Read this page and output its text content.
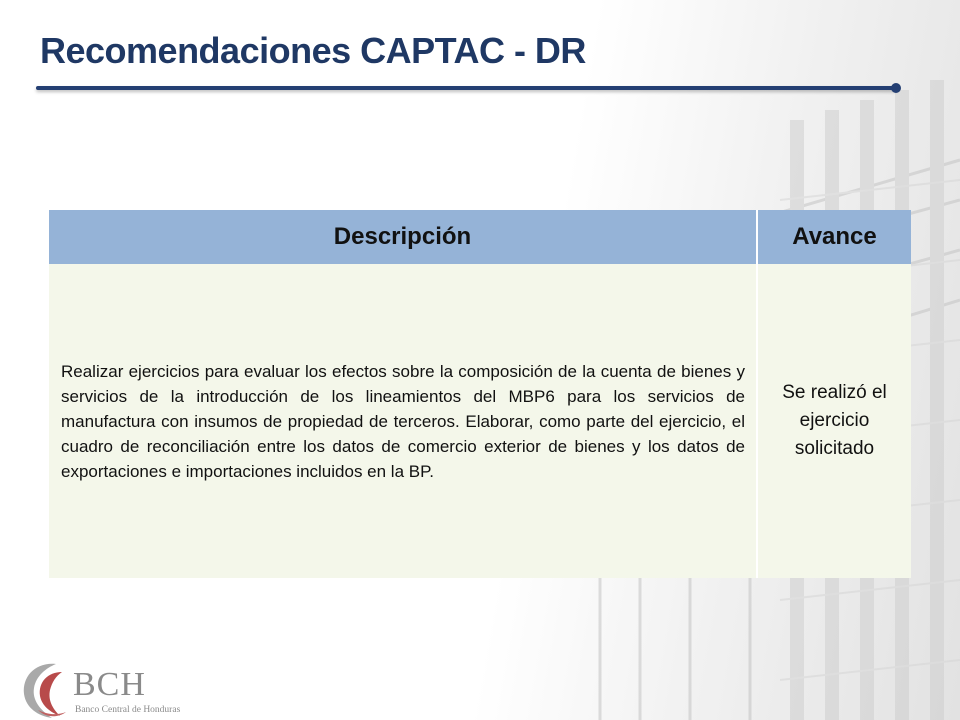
Recomendaciones CAPTAC - DR
Descripción	Avance

Realizar ejercicios para evaluar los efectos sobre la composición de la cuenta de bienes y servicios de la introducción de los lineamientos del MBP6 para los servicios de manufactura con insumos de propiedad de terceros. Elaborar, como parte del ejercicio, el cuadro de reconciliación entre los datos de comercio exterior de bienes y los datos de exportaciones e importaciones incluidos en la BP.	Se realizó el ejercicio solicitado
BCH
Banco Central de Honduras
